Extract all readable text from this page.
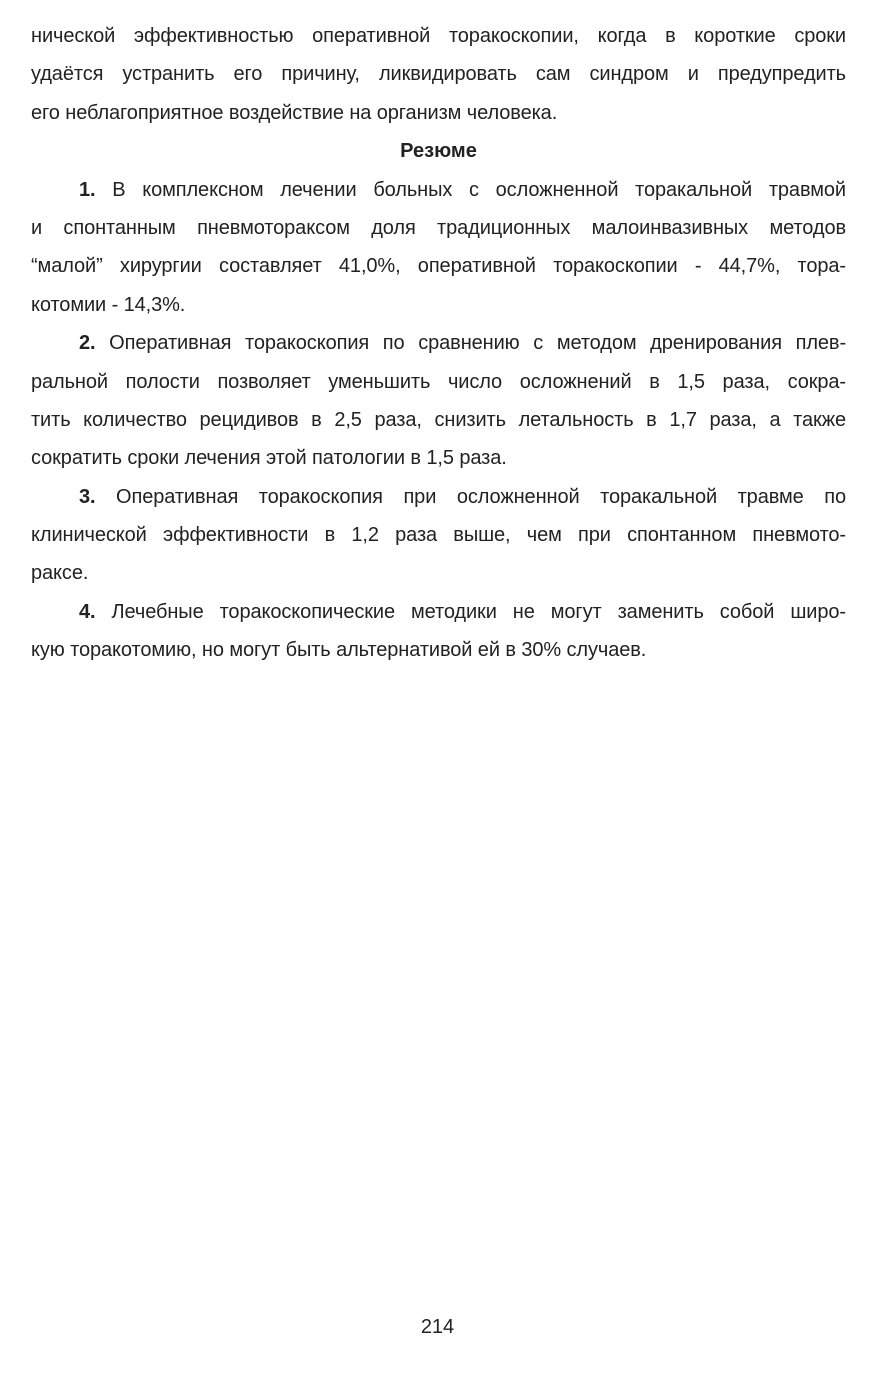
нической эффективностью оперативной торакоскопии, когда в короткие сроки
удаётся устранить его причину, ликвидировать сам синдром и предупредить
его неблагоприятное воздействие на организм человека.
Резюме
1. В комплексном лечении больных с осложненной торакальной травмой
и спонтанным пневмотораксом доля традиционных малоинвазивных методов
“малой” хирургии составляет 41,0%, оперативной торакоскопии - 44,7%, тора-
котомии - 14,3%.
2. Оперативная торакоскопия по сравнению с методом дренирования плев-
ральной полости позволяет уменьшить число осложнений в 1,5 раза, сокра-
тить количество рецидивов в 2,5 раза, снизить летальность в 1,7 раза, а также
сократить сроки лечения этой патологии в 1,5 раза.
3. Оперативная торакоскопия при осложненной торакальной травме по
клинической эффективности в 1,2 раза выше, чем при спонтанном пневмото-
раксе.
4. Лечебные торакоскопические методики не могут заменить собой широ-
кую торакотомию, но могут быть альтернативой ей в 30% случаев.
214
